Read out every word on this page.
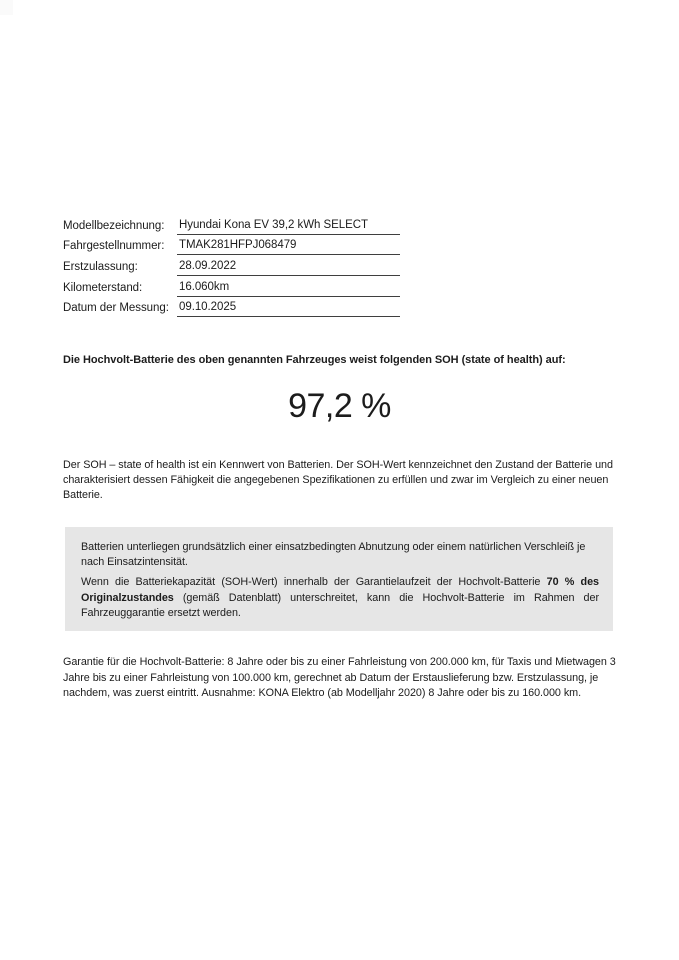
Modellbezeichnung:	Hyundai Kona EV 39,2 kWh SELECT
Fahrgestellnummer:	TMAK281HFPJ068479
Erstzulassung:	28.09.2022
Kilometerstand:	16.060km
Datum der Messung: 09.10.2025

Die Hochvolt-Batterie des oben genannten Fahrzeuges weist folgenden SOH (state of health) auf:

97,2 %

Der SOH – state of health ist ein Kennwert von Batterien. Der SOH-Wert kennzeichnet den Zustand der Batterie und charakterisiert dessen Fähigkeit die angegebenen Spezifikationen zu erfüllen und zwar im Vergleich zu einer neuen Batterie.

Batterien unterliegen grundsätzlich einer einsatzbedingten Abnutzung oder einem natürlichen Verschleiß je nach Einsatzintensität.

Wenn die Batteriekapazität (SOH-Wert) innerhalb der Garantielaufzeit der Hochvolt-Batterie 70 % des Originalzustandes (gemäß Datenblatt) unterschreitet, kann die Hochvolt-Batterie im Rahmen der Fahrzeuggarantie ersetzt werden.

Garantie für die Hochvolt-Batterie: 8 Jahre oder bis zu einer Fahrleistung von 200.000 km, für Taxis und Mietwagen 3 Jahre bis zu einer Fahrleistung von 100.000 km, gerechnet ab Datum der Erstauslieferung bzw. Erstzulassung, je nachdem, was zuerst eintritt. Ausnahme: KONA Elektro (ab Modelljahr 2020) 8 Jahre oder bis zu 160.000 km.
